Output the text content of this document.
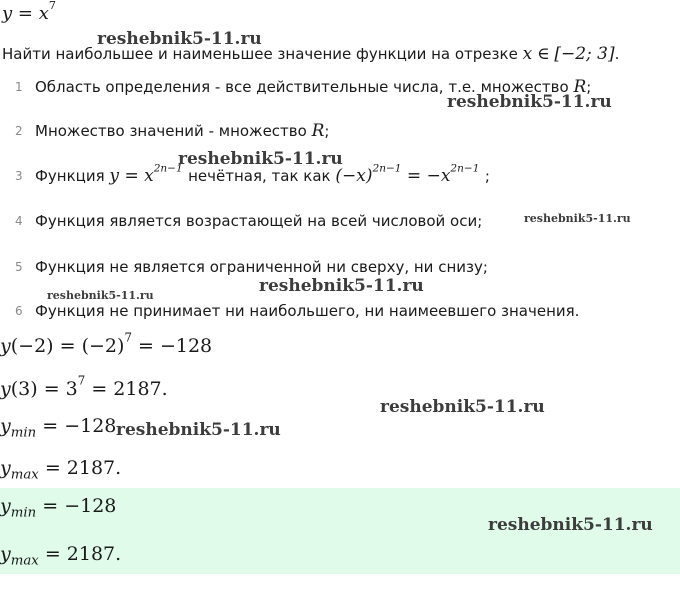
$y = x^7$
Найти наибольшее и наименьшее значение функции на отрезке x ∈ [−2; 3].
1 Область определения - все действительные числа, т.е. множество R;
2 Множество значений - множество R;
3 Функция $y = x^{2n-1}$ нечётная, так как $(-x)^{2n-1} = -x^{2n-1}$ ;
4 Функция является возрастающей на всей числовой оси;
5 Функция не является ограниченной ни сверху, ни снизу;
6 Функция не принимает ни наибольшего, ни наимеевшего значения.
$y(-2) = (-2)^7 = -128$
$y(3) = 3^7 = 2187$.
$y_{min} = -128$
$y_{max} = 2187$.
$y_{min} = -128$
$y_{max} = 2187$.
reshebnik5-11.ru
reshebnik5-11.ru
reshebnik5-11.ru
reshebnik5-11.ru
reshebnik5-11.ru
reshebnik5-11.ru
reshebnik5-11.ru
reshebnik5-11.ru
reshebnik5-11.ru
